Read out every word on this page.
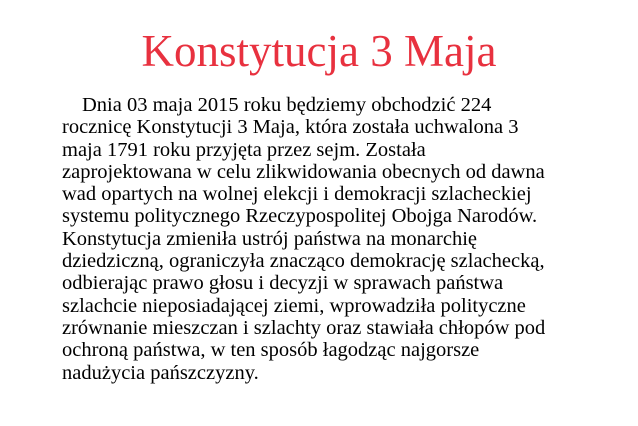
Konstytucja 3 Maja
Dnia 03 maja 2015 roku będziemy obchodzić 224
rocznicę Konstytucji 3 Maja, która została uchwalona 3
maja 1791 roku przyjęta przez sejm. Została
zaprojektowana w celu zlikwidowania obecnych od dawna
wad opartych na wolnej elekcji i demokracji szlacheckiej
systemu politycznego Rzeczypospolitej Obojga Narodów.
Konstytucja zmieniła ustrój państwa na monarchię
dziedziczną, ograniczyła znacząco demokrację szlachecką,
odbierając prawo głosu i decyzji w sprawach państwa
szlachcie nieposiadającej ziemi, wprowadziła polityczne
zrównanie mieszczan i szlachty oraz stawiała chłopów pod
ochroną państwa, w ten sposób łagodząc najgorsze
nadużycia pańszczyzny.
